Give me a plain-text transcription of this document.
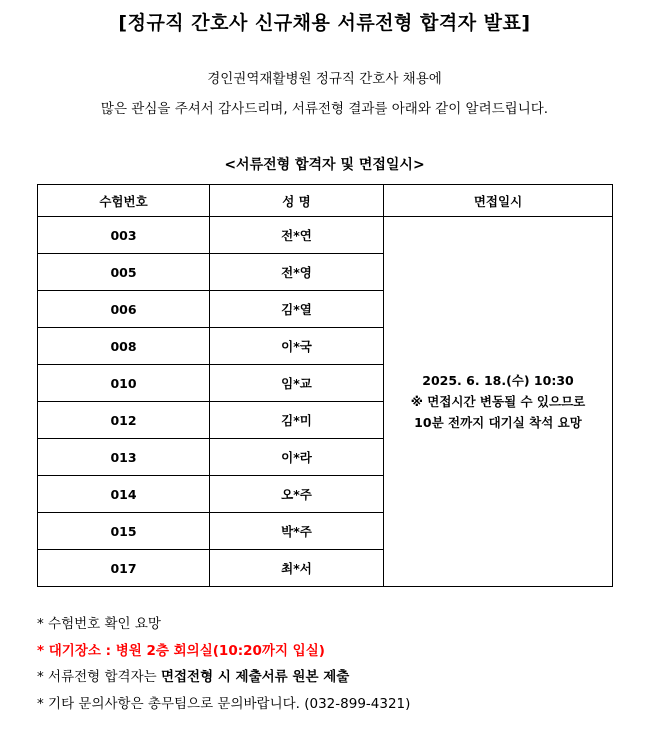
[정규직 간호사 신규채용 서류전형 합격자 발표]
경인권역재활병원 정규직 간호사 채용에
많은 관심을 주셔서 감사드리며, 서류전형 결과를 아래와 같이 알려드립니다.
<서류전형 합격자 및 면접일시>
수험번호	성 명	면접일시
003	전*연	2025. 6. 18.(수) 10:30
※ 면접시간 변동될 수 있으므로
10분 전까지 대기실 착석 요망

005	전*영	
006	김*열	
008	이*국	
010	임*교	
012	김*미	
013	이*라	
014	오*주	
015	박*주	
017	최*서	
* 수험번호 확인 요망
* 대기장소 : 병원 2층 회의실(10:20까지 입실)
* 서류전형 합격자는 면접전형 시 제출서류 원본 제출
* 기타 문의사항은 총무팀으로 문의바랍니다. (032-899-4321)
